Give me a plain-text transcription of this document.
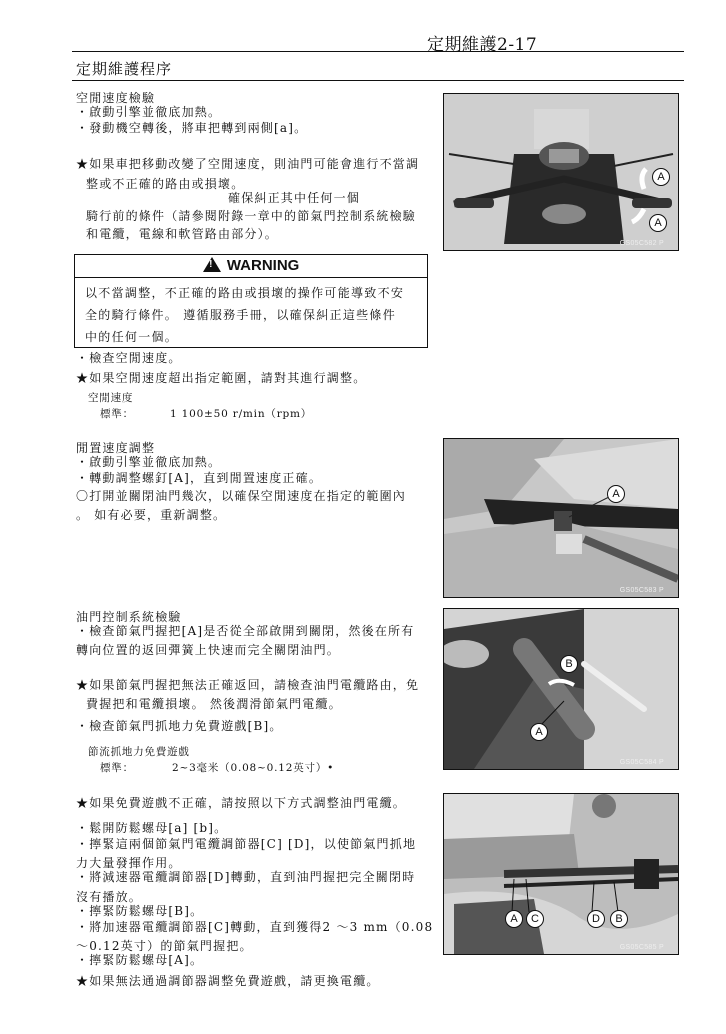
定期維護2-17
定期維護程序
空閒速度檢驗
・啟動引擎並徹底加熱。
・發動機空轉後，將車把轉到兩側[a]。
★如果車把移動改變了空閒速度，則油門可能會進行不當調
整或不正確的路由或損壞。
確保糾正其中任何一個
騎行前的條件（請參閱附錄一章中的節氣門控制系統檢驗
和電纜，電線和軟管路由部分）。
! WARNING
以不當調整，不正確的路由或損壞的操作可能導致不安
全的騎行條件。 遵循服務手冊，以確保糾正這些條件
中的任何一個。
・檢查空閒速度。
★如果空閒速度超出指定範圍，請對其進行調整。
空閒速度
標準：	1 100±50 r/min（rpm）
閒置速度調整
・啟動引擎並徹底加熱。
・轉動調整螺釘[A]，直到閒置速度正確。
〇打開並關閉油門幾次，以確保空閒速度在指定的範圍內
。 如有必要，重新調整。
油門控制系統檢驗
・檢查節氣門握把[A]是否從全部啟開到關閉，然後在所有
轉向位置的返回彈簧上快速而完全關閉油門。
★如果節氣門握把無法正確返回，請檢查油門電纜路由，免
費握把和電纜損壞。 然後潤滑節氣門電纜。
・檢查節氣門抓地力免費遊戲[B]。
節流抓地力免費遊戲
標準：	2~3毫米（0.08~0.12英寸）•
★如果免費遊戲不正確，請按照以下方式調整油門電纜。
・鬆開防鬆螺母[a] [b]。
・擰緊這兩個節氣門電纜調節器[C] [D]，以使節氣門抓地
力大量發揮作用。
・將減速器電纜調節器[D]轉動，直到油門握把完全關閉時
沒有播放。
・擰緊防鬆螺母[B]。
・將加速器電纜調節器[C]轉動，直到獲得2 ～3 mm（0.08
～0.12英寸）的節氣門握把。
・擰緊防鬆螺母[A]。
★如果無法通過調節器調整免費遊戲，請更換電纜。
A
A
GS05C582 P
A
GS05C583 P
B
A
GS05C584 P
A	C	D	B
GS05C585 P
